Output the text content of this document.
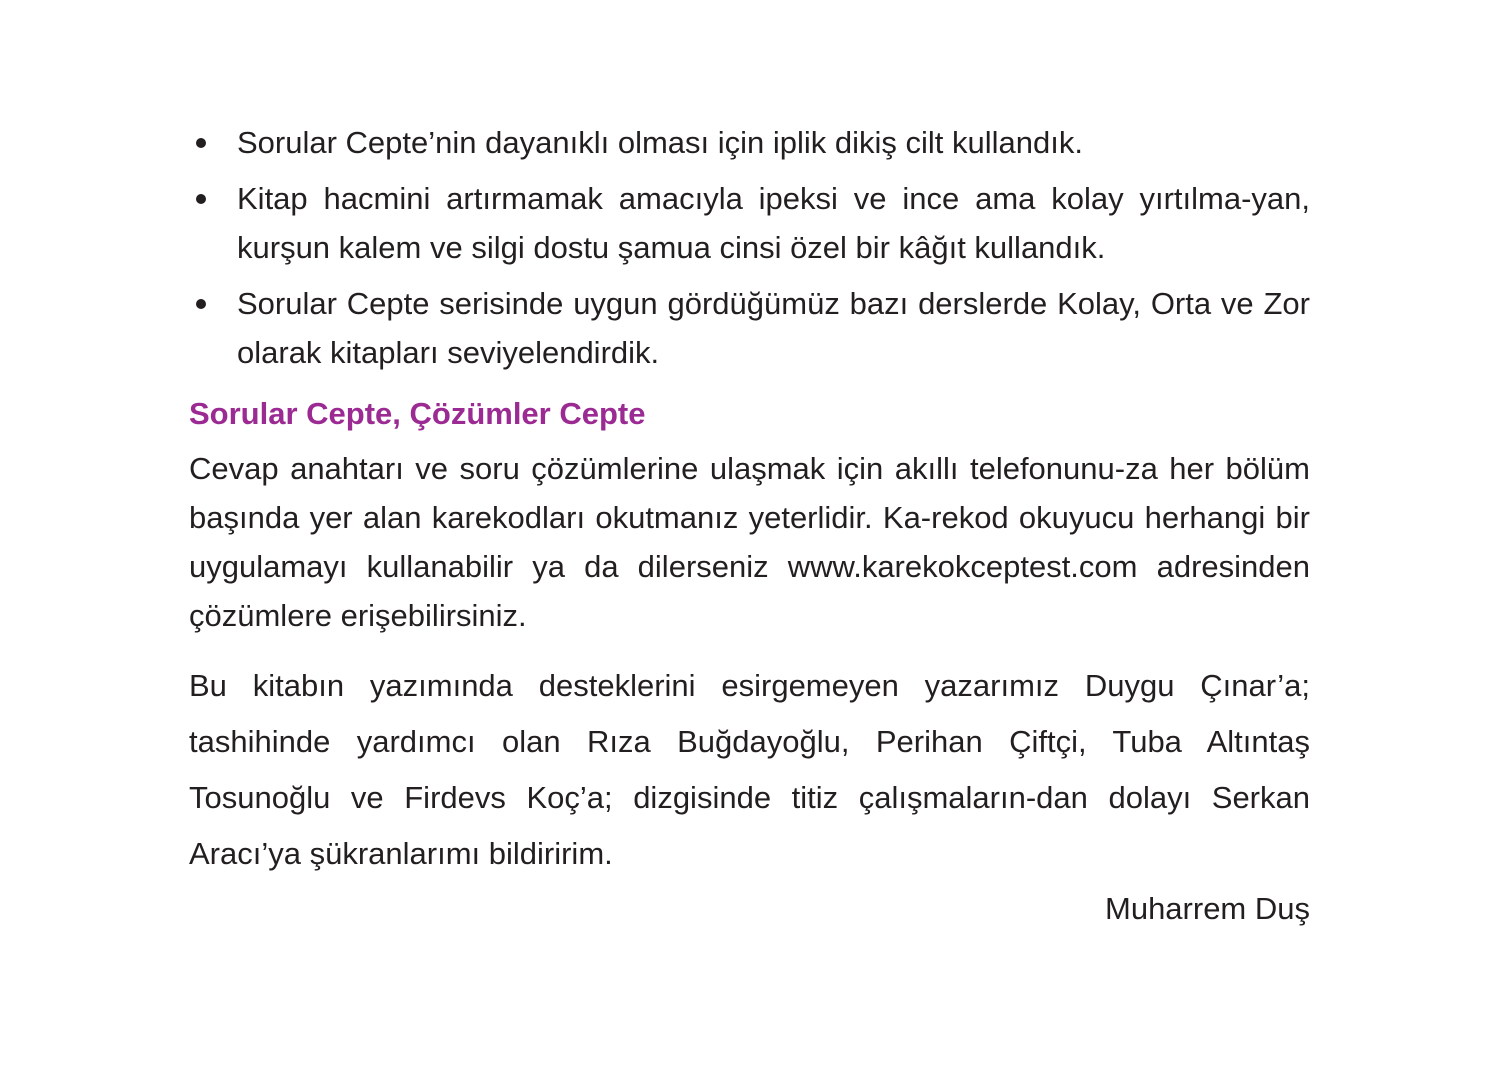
Sorular Cepte’nin dayanıklı olması için iplik dikiş cilt kullandık.
Kitap hacmini artırmamak amacıyla ipeksi ve ince ama kolay yırtılma-yan, kurşun kalem ve silgi dostu şamua cinsi özel bir kâğıt kullandık.
Sorular Cepte serisinde uygun gördüğümüz bazı derslerde Kolay, Orta ve Zor olarak kitapları seviyelendirdik.
Sorular Cepte, Çözümler Cepte

Cevap anahtarı ve soru çözümlerine ulaşmak için akıllı telefonunu-za her bölüm başında yer alan karekodları okutmanız yeterlidir. Ka-rekod okuyucu herhangi bir uygulamayı kullanabilir ya da dilerseniz www.karekokceptest.com adresinden çözümlere erişebilirsiniz.

Bu kitabın yazımında desteklerini esirgemeyen yazarımız Duygu Çınar’a; tashihinde yardımcı olan Rıza Buğdayoğlu, Perihan Çiftçi, Tuba Altıntaş Tosunoğlu ve Firdevs Koç’a; dizgisinde titiz çalışmaların-dan dolayı Serkan Aracı’ya şükranlarımı bildiririm.

Muharrem Duş
